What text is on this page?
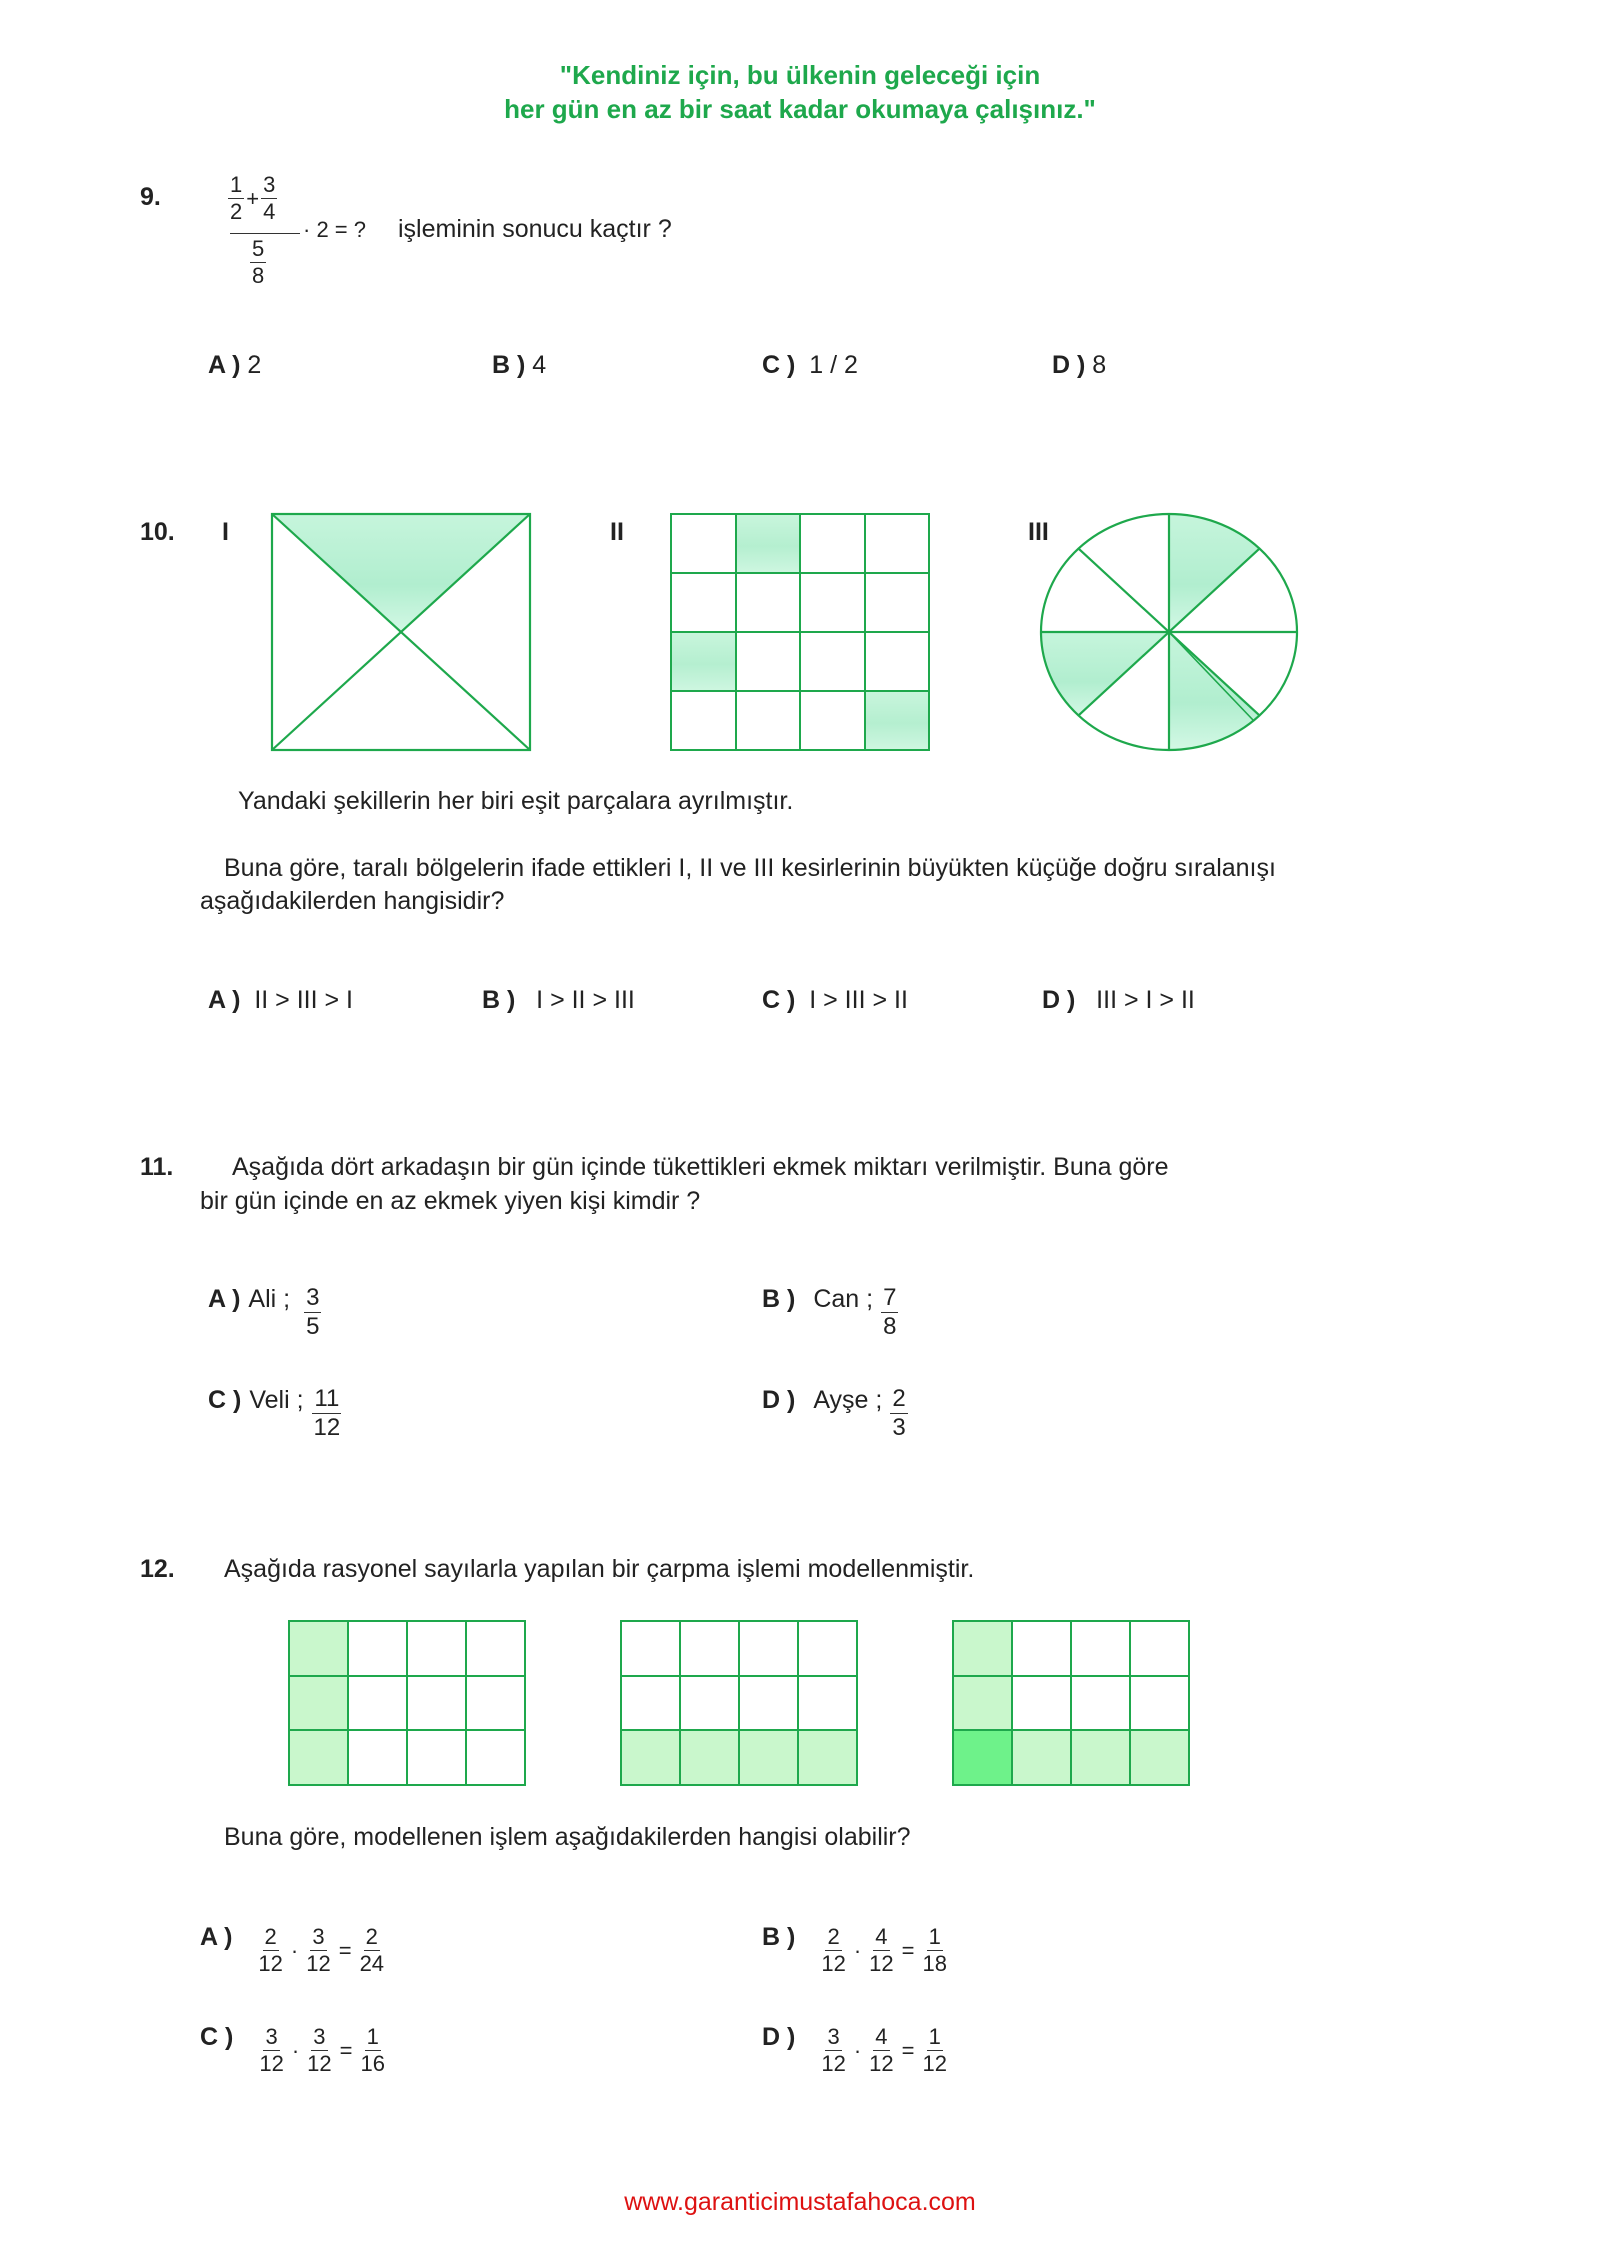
"Kendiniz için, bu ülkenin geleceği için
her gün en az bir saat kadar okumaya çalışınız."
9.	$\frac{1}{2} + \frac{3}{4}$
$\frac{5}{8}$
· 2 = ? işleminin sonucu kaçtır ?
A ) 2	B ) 4	C ) 1 / 2	D ) 8
10. I	II	III
Yandaki şekillerin her biri eşit parçalara ayrılmıştır.
Buna göre, taralı bölgelerin ifade ettikleri I, II ve III kesirlerinin büyükten küçüğe doğru sıralanışı
aşağıdakilerden hangisidir?
A ) II > III > I	B ) I > II > III	C ) I > III > II	D ) III > I > II
11. Aşağıda dört arkadaşın bir gün içinde tükettikleri ekmek miktarı verilmiştir. Buna göre
bir gün içinde en az ekmek yiyen kişi kimdir ?
A ) Ali ; $\frac{3}{5}$	B ) Can ; $\frac{7}{8}$
C ) Veli ; $\frac{11}{12}$	D ) Ayşe ; $\frac{2}{3}$
12. Aşağıda rasyonel sayılarla yapılan bir çarpma işlemi modellenmiştir.
Buna göre, modellenen işlem aşağıdakilerden hangisi olabilir?
A ) $\frac{2}{12} \cdot \frac{3}{12} = \frac{2}{24}$	B ) $\frac{2}{12} \cdot \frac{4}{12} = \frac{1}{18}$
C ) $\frac{3}{12} \cdot \frac{3}{12} = \frac{1}{16}$	D ) $\frac{3}{12} \cdot \frac{4}{12} = \frac{1}{12}$
www.garanticimustafahoca.com
